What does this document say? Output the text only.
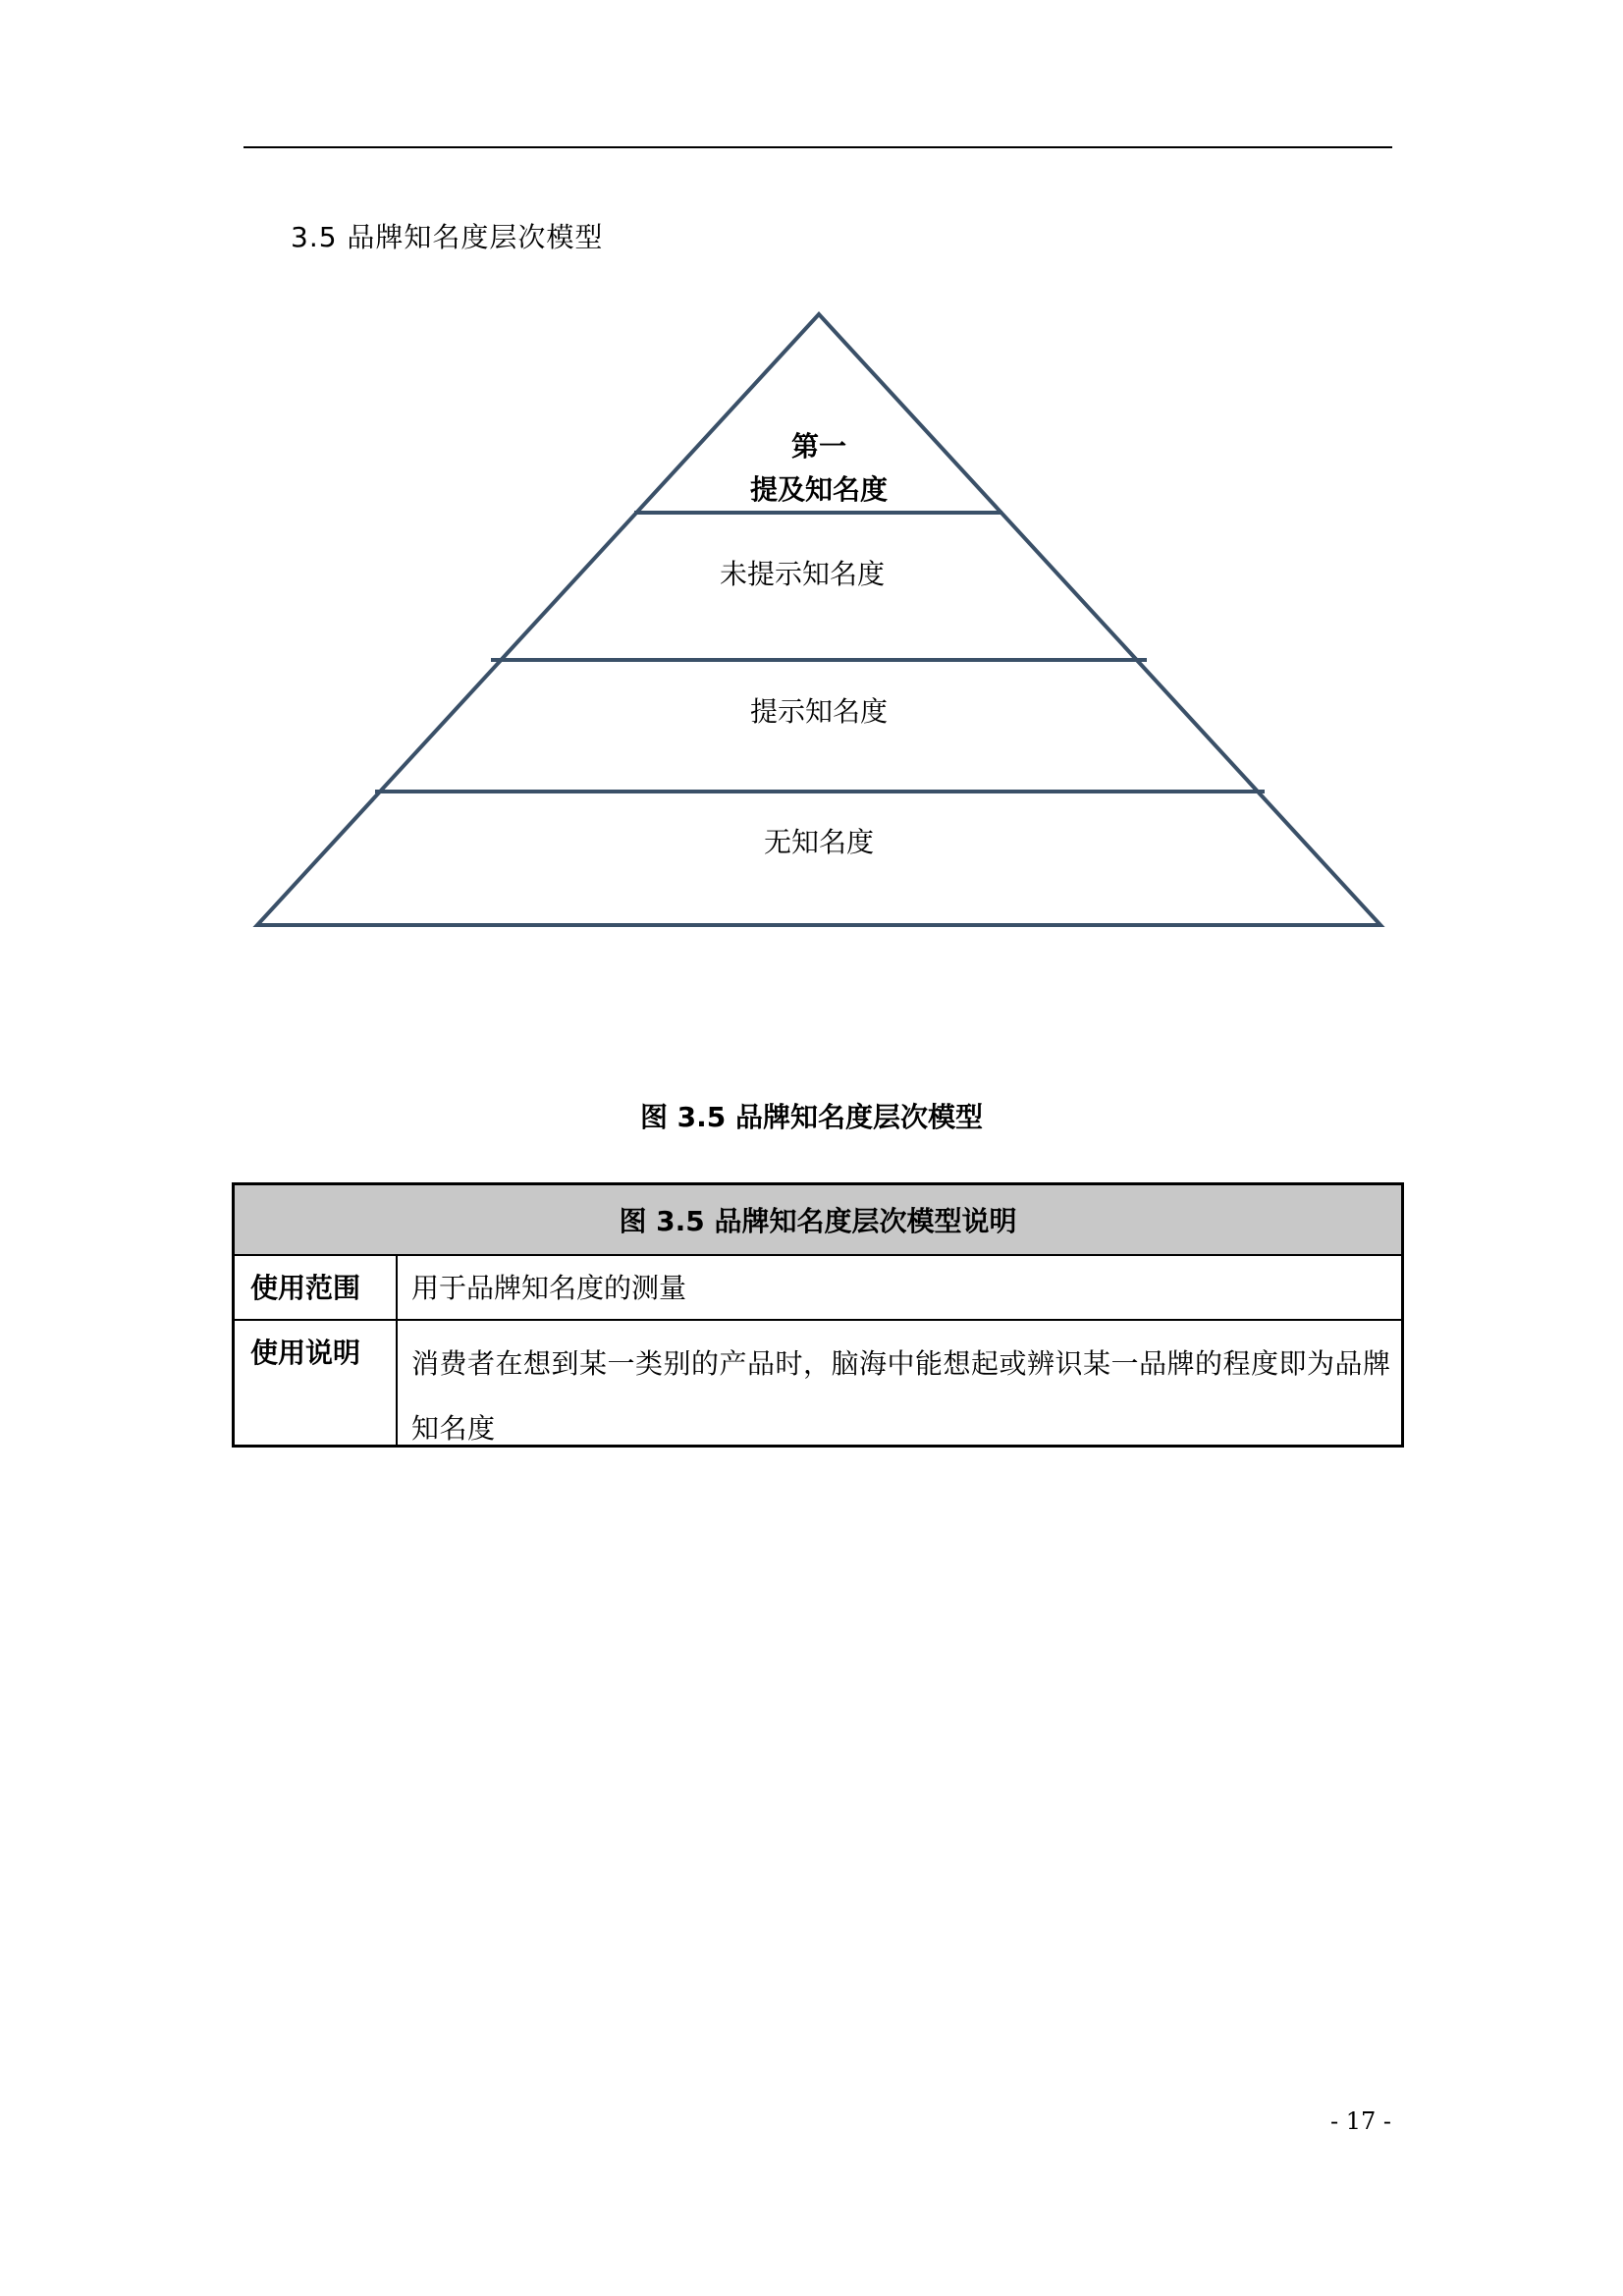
3.5 品牌知名度层次模型
第一
提及知名度
未提示知名度
提示知名度
无知名度
图 3.5 品牌知名度层次模型
图 3.5 品牌知名度层次模型说明
使用范围	用于品牌知名度的测量
使用说明	消费者在想到某一类别的产品时，脑海中能想起或辨识某一品牌的程度即为品牌知名度
- 17 -
